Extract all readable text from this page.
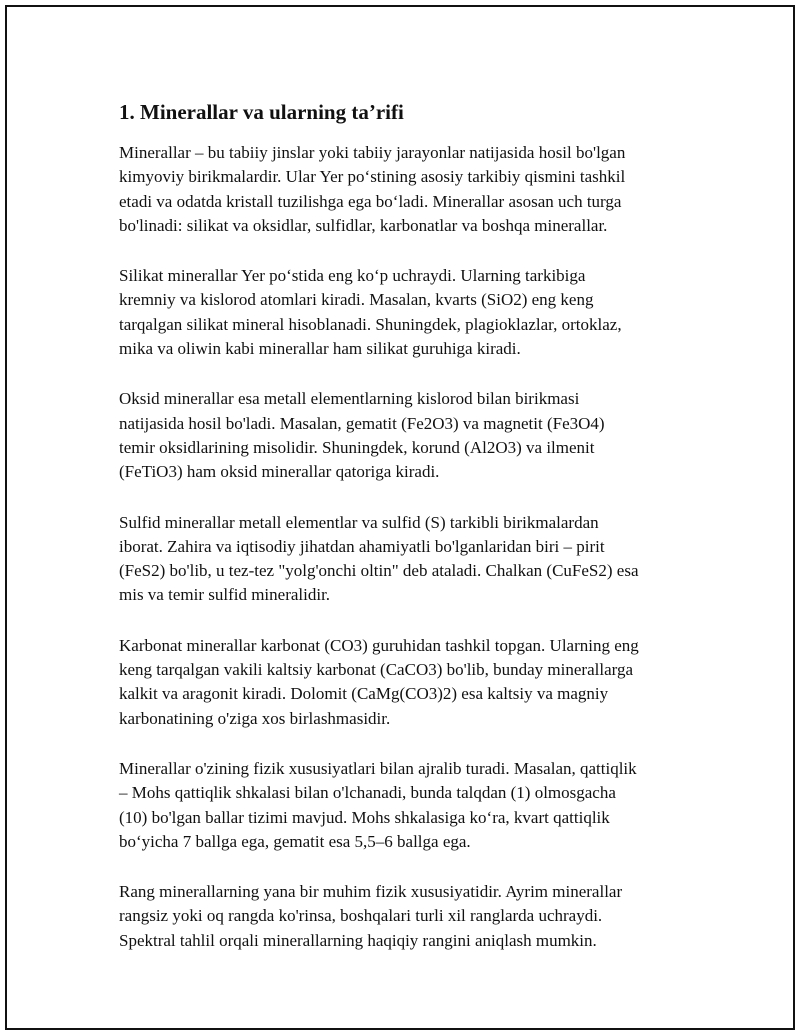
1. Minerallar va ularning ta’rifi

Minerallar – bu tabiiy jinslar yoki tabiiy jarayonlar natijasida hosil bo'lgan
kimyoviy birikmalardir. Ular Yer po‘stining asosiy tarkibiy qismini tashkil
etadi va odatda kristall tuzilishga ega bo‘ladi. Minerallar asosan uch turga
bo'linadi: silikat va oksidlar, sulfidlar, karbonatlar va boshqa minerallar.

Silikat minerallar Yer po‘stida eng ko‘p uchraydi. Ularning tarkibiga
kremniy va kislorod atomlari kiradi. Masalan, kvarts (SiO2) eng keng
tarqalgan silikat mineral hisoblanadi. Shuningdek, plagioklazlar, ortoklaz,
mika va oliwin kabi minerallar ham silikat guruhiga kiradi.

Oksid minerallar esa metall elementlarning kislorod bilan birikmasi
natijasida hosil bo'ladi. Masalan, gematit (Fe2O3) va magnetit (Fe3O4)
temir oksidlarining misolidir. Shuningdek, korund (Al2O3) va ilmenit
(FeTiO3) ham oksid minerallar qatoriga kiradi.

Sulfid minerallar metall elementlar va sulfid (S) tarkibli birikmalardan
iborat. Zahira va iqtisodiy jihatdan ahamiyatli bo'lganlaridan biri – pirit
(FeS2) bo'lib, u tez-tez "yolg'onchi oltin" deb ataladi. Chalkan (CuFeS2) esa
mis va temir sulfid mineralidir.

Karbonat minerallar karbonat (CO3) guruhidan tashkil topgan. Ularning eng
keng tarqalgan vakili kaltsiy karbonat (CaCO3) bo'lib, bunday minerallarga
kalkit va aragonit kiradi. Dolomit (CaMg(CO3)2) esa kaltsiy va magniy
karbonatining o'ziga xos birlashmasidir.

Minerallar o'zining fizik xususiyatlari bilan ajralib turadi. Masalan, qattiqlik
– Mohs qattiqlik shkalasi bilan o'lchanadi, bunda talqdan (1) olmosgacha
(10) bo'lgan ballar tizimi mavjud. Mohs shkalasiga ko‘ra, kvart qattiqlik
bo‘yicha 7 ballga ega, gematit esa 5,5–6 ballga ega.

Rang minerallarning yana bir muhim fizik xususiyatidir. Ayrim minerallar
rangsiz yoki oq rangda ko'rinsa, boshqalari turli xil ranglarda uchraydi.
Spektral tahlil orqali minerallarning haqiqiy rangini aniqlash mumkin.
